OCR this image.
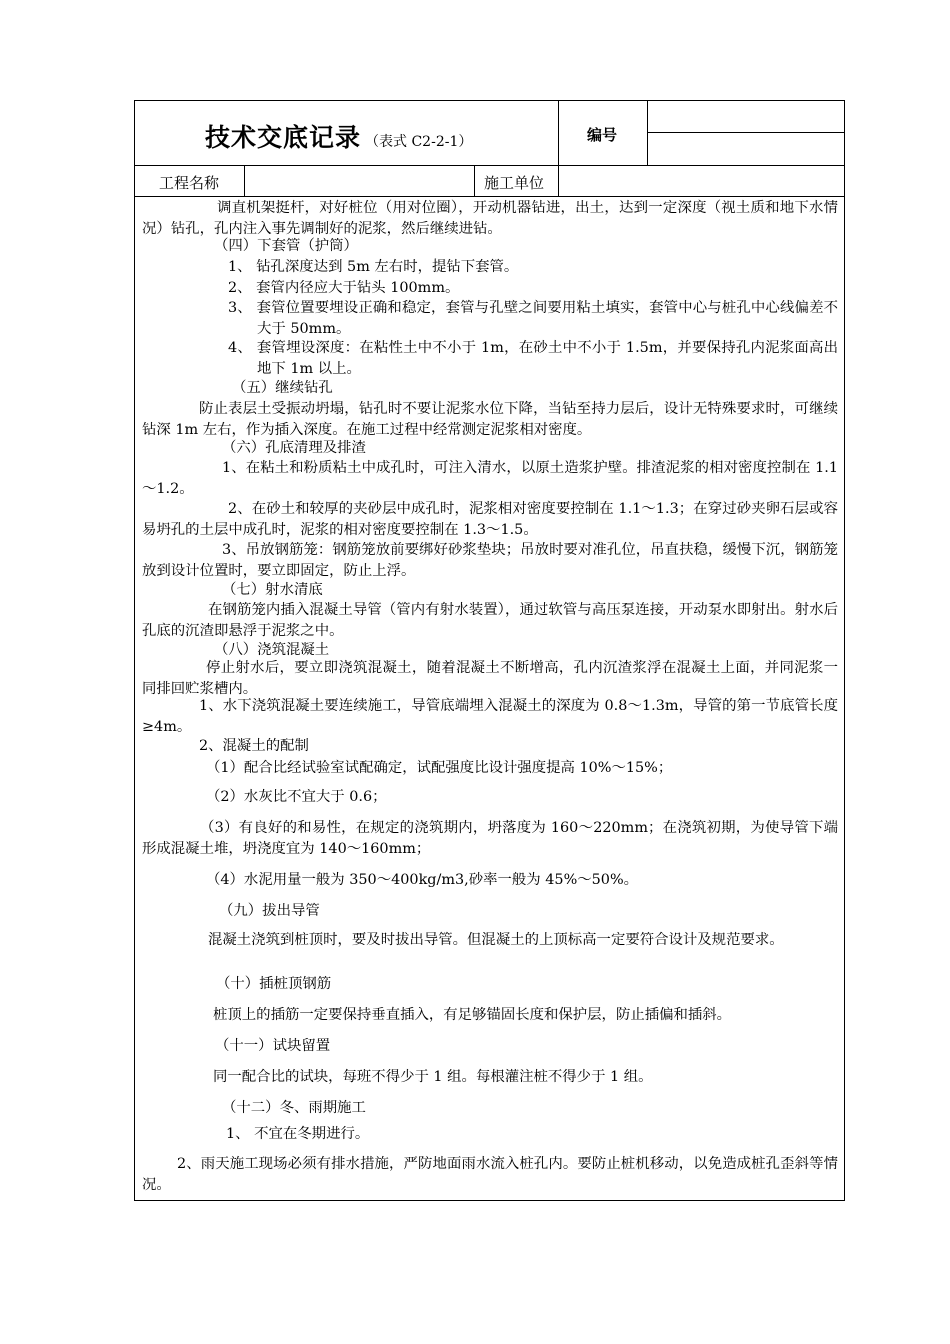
技术交底记录 （表式 C2-2-1）	编号
工程名称	施工单位
调直机架挺杆，对好桩位（用对位圈），开动机器钻进，出土，达到一定深度（视土质和地下水情况）钻孔，孔内注入事先调制好的泥浆，然后继续进钻。
（四）下套管（护筒）
1、 钻孔深度达到 5m 左右时，提钻下套管。
2、 套管内径应大于钻头 100mm。
3、 套管位置要埋设正确和稳定，套管与孔壁之间要用粘土填实，套管中心与桩孔中心线偏差不大于 50mm。
4、 套管埋设深度：在粘性土中不小于 1m，在砂土中不小于 1.5m，并要保持孔内泥浆面高出地下 1m 以上。
（五）继续钻孔
防止表层土受振动坍塌，钻孔时不要让泥浆水位下降，当钻至持力层后，设计无特殊要求时，可继续钻深 1m 左右，作为插入深度。在施工过程中经常测定泥浆相对密度。
（六）孔底清理及排渣
1、在粘土和粉质粘土中成孔时，可注入清水，以原土造浆护壁。排渣泥浆的相对密度控制在 1.1～1.2。
2、在砂土和较厚的夹砂层中成孔时，泥浆相对密度要控制在 1.1～1.3；在穿过砂夹卵石层或容易坍孔的土层中成孔时，泥浆的相对密度要控制在 1.3～1.5。
3、吊放钢筋笼：钢筋笼放前要绑好砂浆垫块；吊放时要对准孔位，吊直扶稳，缓慢下沉，钢筋笼放到设计位置时，要立即固定，防止上浮。
（七）射水清底
在钢筋笼内插入混凝土导管（管内有射水装置），通过软管与高压泵连接，开动泵水即射出。射水后孔底的沉渣即悬浮于泥浆之中。
（八）浇筑混凝土
停止射水后，要立即浇筑混凝土，随着混凝土不断增高，孔内沉渣浆浮在混凝土上面，并同泥浆一同排回贮浆槽内。
1、水下浇筑混凝土要连续施工，导管底端埋入混凝土的深度为 0.8～1.3m，导管的第一节底管长度≥4m。
2、混凝土的配制
（1）配合比经试验室试配确定，试配强度比设计强度提高 10%～15%；
（2）水灰比不宜大于 0.6；
（3）有良好的和易性，在规定的浇筑期内，坍落度为 160～220mm；在浇筑初期，为使导管下端形成混凝土堆，坍浇度宜为 140～160mm；
（4）水泥用量一般为 350～400kg/m3,砂率一般为 45%～50%。
（九）拔出导管
混凝土浇筑到桩顶时，要及时拔出导管。但混凝土的上顶标高一定要符合设计及规范要求。
（十）插桩顶钢筋
桩顶上的插筋一定要保持垂直插入，有足够锚固长度和保护层，防止插偏和插斜。
（十一）试块留置
同一配合比的试块，每班不得少于 1 组。每根灌注桩不得少于 1 组。
（十二）冬、雨期施工
1、 不宜在冬期进行。
2、雨天施工现场必须有排水措施，严防地面雨水流入桩孔内。要防止桩机移动，以免造成桩孔歪斜等情况。
